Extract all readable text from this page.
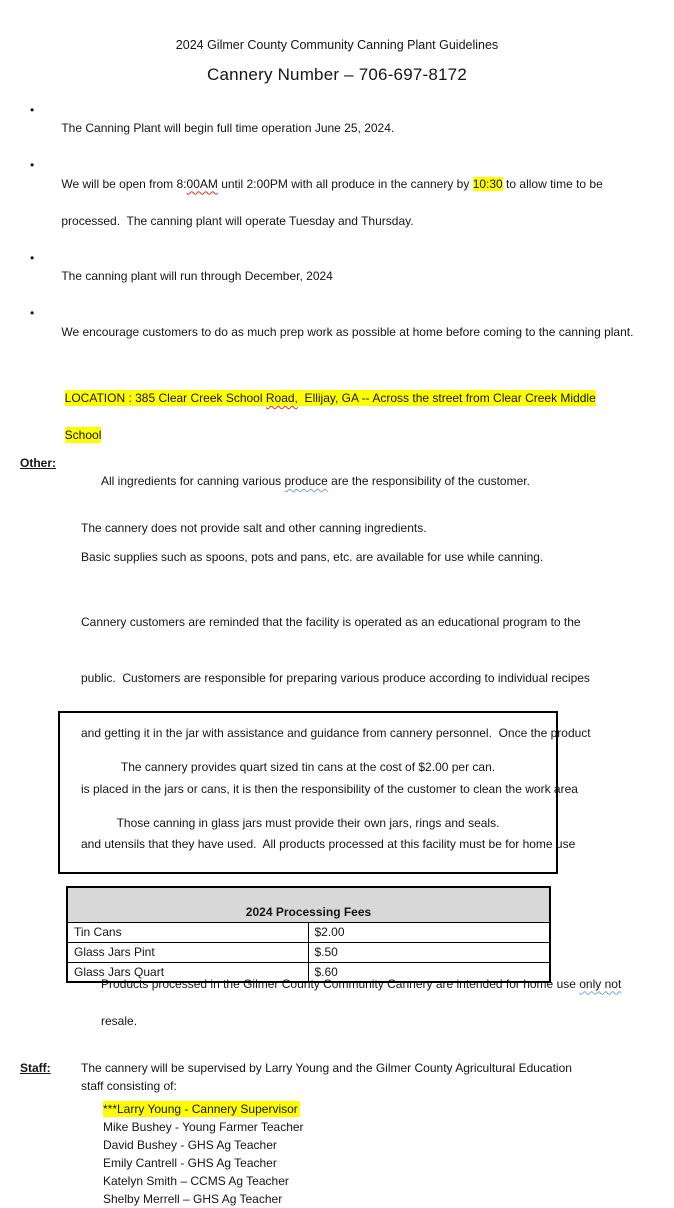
2024 Gilmer County Community Canning Plant Guidelines
Cannery Number – 706-697-8172

•
The Canning Plant will begin full time operation June 25, 2024.

•
We will be open from 8:00AM until 2:00PM with all produce in the cannery by 10:30 to allow time to be

processed.  The canning plant will operate Tuesday and Thursday.

•
The canning plant will run through December, 2024

•
We encourage customers to do as much prep work as possible at home before coming to the canning plant.

LOCATION : 385 Clear Creek School Road,  Ellijay, GA -- Across the street from Clear Creek Middle

School

Other:

All ingredients for canning various produce are the responsibility of the customer.

The cannery does not provide salt and other canning ingredients.
Basic supplies such as spoons, pots and pans, etc. are available for use while canning.

Cannery customers are reminded that the facility is operated as an educational program to the

public.  Customers are responsible for preparing various produce according to individual recipes

and getting it in the jar with assistance and guidance from cannery personnel.  Once the product

is placed in the jars or cans, it is then the responsibility of the customer to clean the work area

and utensils that they have used.  All products processed at this facility must be for home use

Products processed in the Gilmer County Community Cannery are intended for home use only not

resale.

Staff:	The cannery will be supervised by Larry Young and the Gilmer County Agricultural Education
staff consisting of:
***Larry Young - Cannery Supervisor
Mike Bushey - Young Farmer Teacher
David Bushey - GHS Ag Teacher
Emily Cantrell - GHS Ag Teacher
Katelyn Smith – CCMS Ag Teacher
Shelby Merrell – GHS Ag Teacher

The cannery provides quart sized tin cans at the cost of $2.00 per can.

Those canning in glass jars must provide their own jars, rings and seals.

2024 Processing Fees	
Tin Cans	$2.00
Glass Jars Pint	$.50
Glass Jars Quart	$.60
